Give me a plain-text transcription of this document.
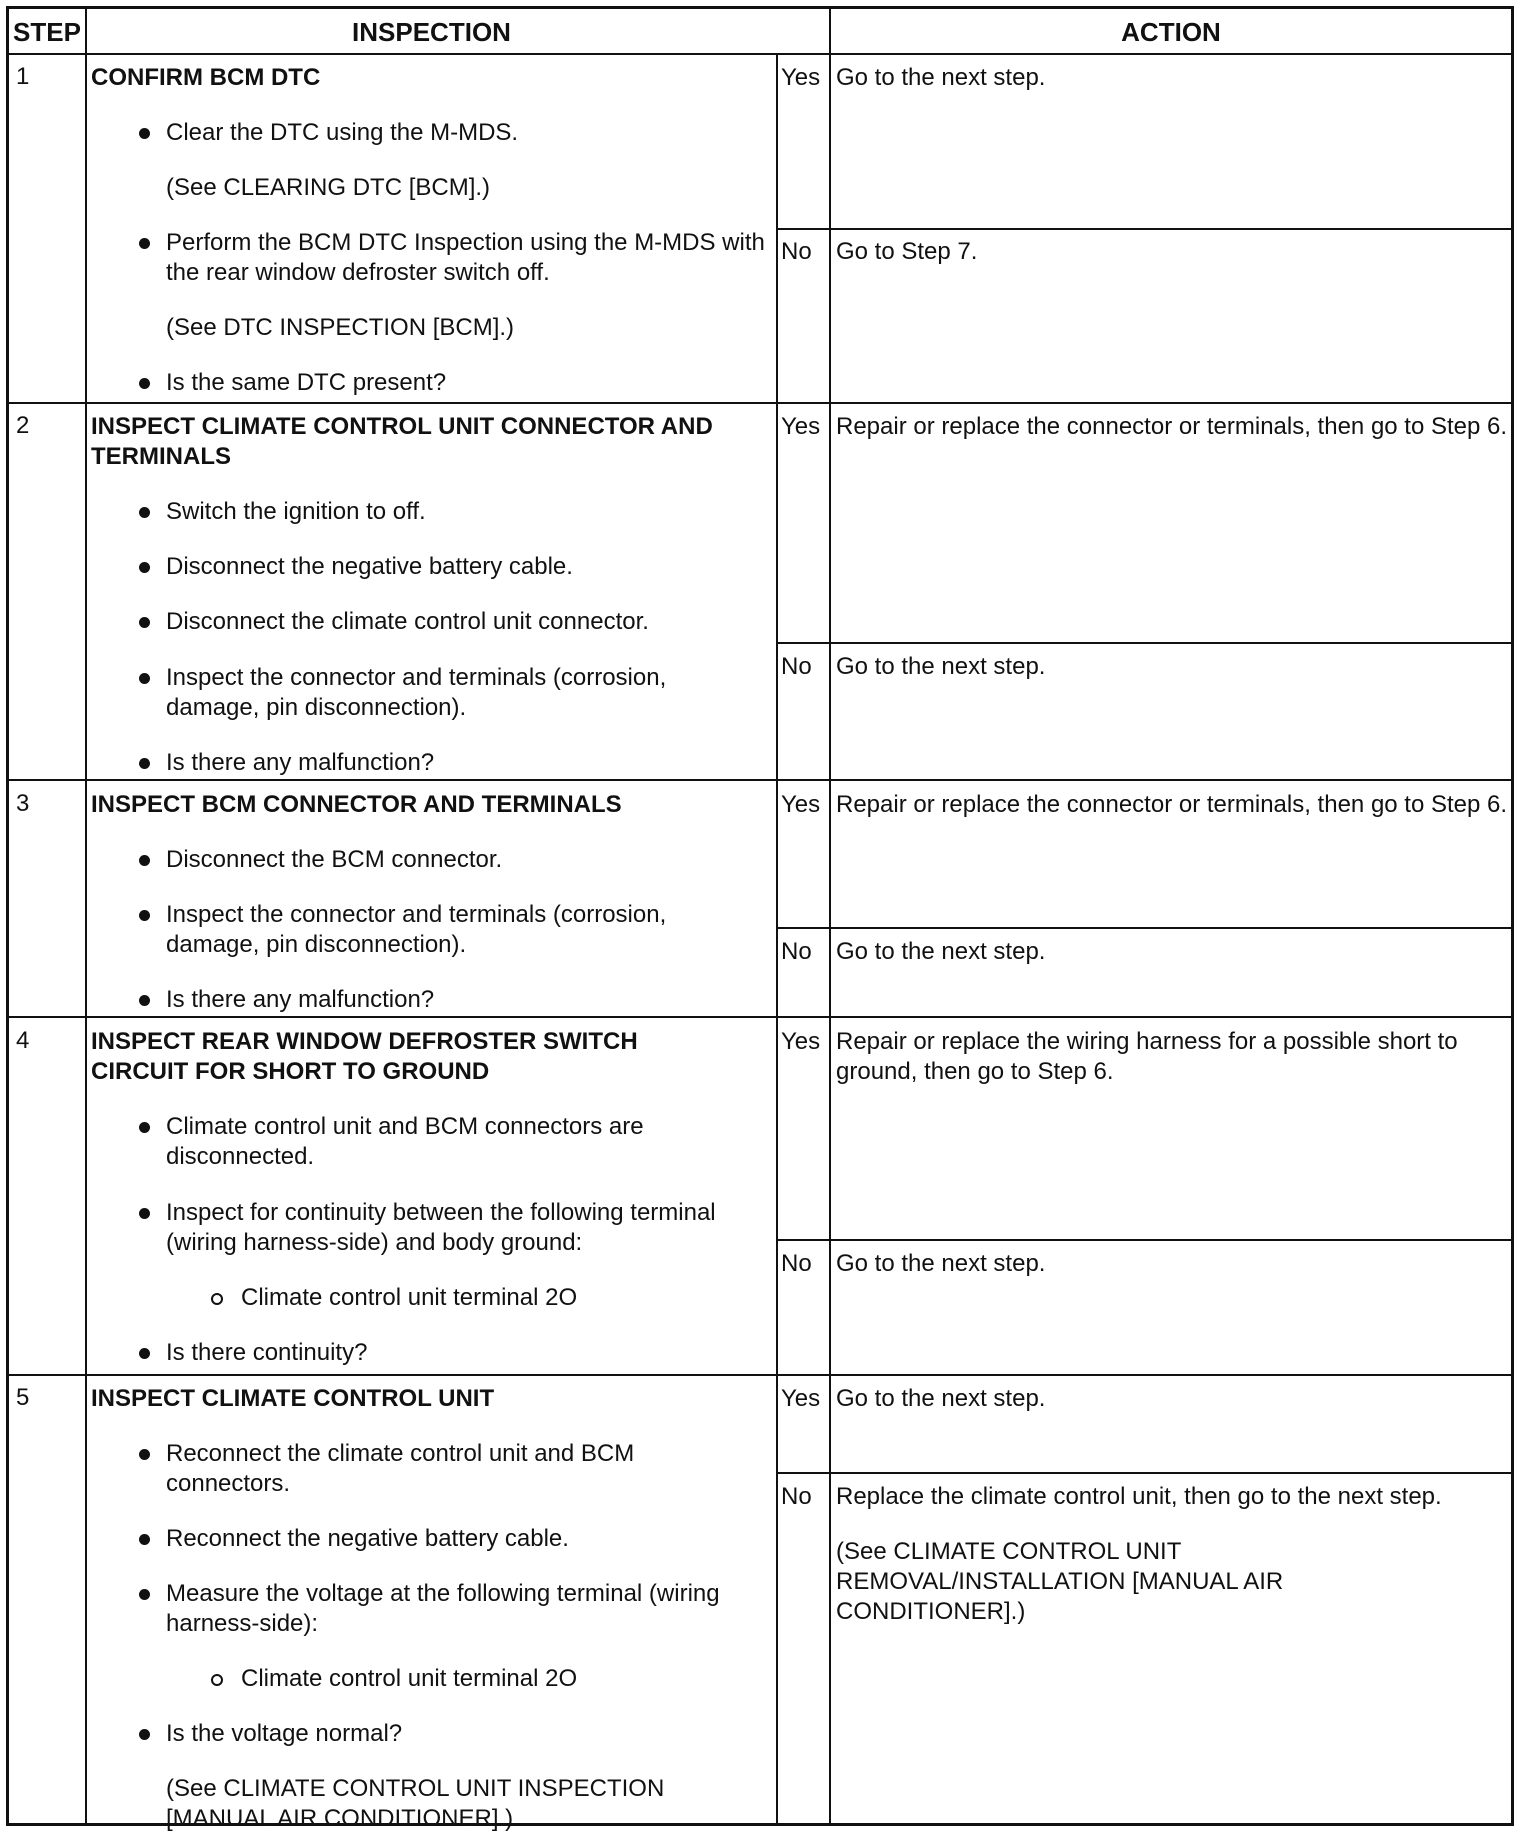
STEP	INSPECTION	ACTION
1	CONFIRM BCM DTC
Clear the DTC using the M-MDS.
(See CLEARING DTC [BCM].)
Perform the BCM DTC Inspection using the M-MDS with the rear window defroster switch off.
(See DTC INSPECTION [BCM].)
Is the same DTC present?
Yes Go to the next step.
No Go to Step 7.
2	INSPECT CLIMATE CONTROL UNIT CONNECTOR AND TERMINALS
Switch the ignition to off.
Disconnect the negative battery cable.
Disconnect the climate control unit connector.
Inspect the connector and terminals (corrosion, damage, pin disconnection).
Is there any malfunction?
Yes Repair or replace the connector or terminals, then go to Step 6.
No Go to the next step.
3	INSPECT BCM CONNECTOR AND TERMINALS
Disconnect the BCM connector.
Inspect the connector and terminals (corrosion, damage, pin disconnection).
Is there any malfunction?
Yes Repair or replace the connector or terminals, then go to Step 6.
No Go to the next step.
4	INSPECT REAR WINDOW DEFROSTER SWITCH CIRCUIT FOR SHORT TO GROUND
Climate control unit and BCM connectors are disconnected.
Inspect for continuity between the following terminal (wiring harness-side) and body ground:
Climate control unit terminal 2O
Is there continuity?
Yes Repair or replace the wiring harness for a possible short to ground, then go to Step 6.
No Go to the next step.
5	INSPECT CLIMATE CONTROL UNIT
Reconnect the climate control unit and BCM connectors.
Reconnect the negative battery cable.
Measure the voltage at the following terminal (wiring harness-side):
Climate control unit terminal 2O
Is the voltage normal?
(See CLIMATE CONTROL UNIT INSPECTION [MANUAL AIR CONDITIONER].)
Yes Go to the next step.
No Replace the climate control unit, then go to the next step.
(See CLIMATE CONTROL UNIT REMOVAL/INSTALLATION [MANUAL AIR CONDITIONER].)
